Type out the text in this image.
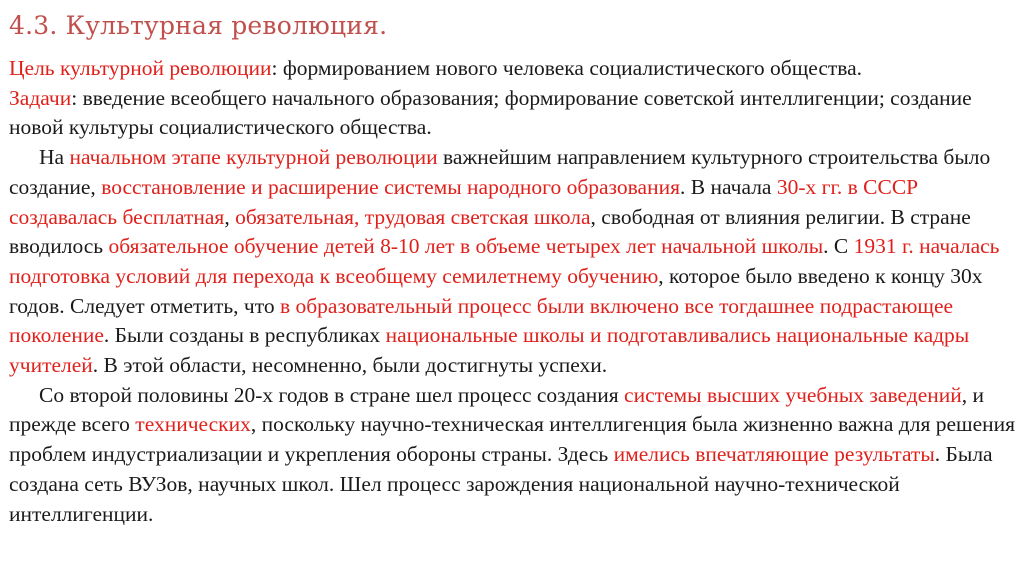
4.3. Культурная революция.

Цель культурной революции: формированием нового человека социалистического общества.

Задачи: введение всеобщего начального образования; формирование советской интеллигенции; создание новой культуры социалистического общества.

На начальном этапе культурной революции важнейшим направлением культурного строительства было создание, восстановление и расширение системы народного образования. В начала 30-х гг. в СССР создавалась бесплатная, обязательная, трудовая светская школа, свободная от влияния религии. В стране вводилось обязательное обучение детей 8-10 лет в объеме четырех лет начальной школы. С 1931 г. началась подготовка условий для перехода к всеобщему семилетнему обучению, которое было введено к концу 30х годов. Следует отметить, что в образовательный процесс были включено все тогдашнее подрастающее поколение. Были созданы в республиках национальные школы и подготавливались национальные кадры учителей. В этой области, несомненно, были достигнуты успехи.

Со второй половины 20-х годов в стране шел процесс создания системы высших учебных заведений, и прежде всего технических, поскольку научно-техническая интеллигенция была жизненно важна для решения проблем индустриализации и укрепления обороны страны. Здесь имелись впечатляющие результаты. Была создана сеть ВУЗов, научных школ. Шел процесс зарождения национальной научно-технической интеллигенции.
